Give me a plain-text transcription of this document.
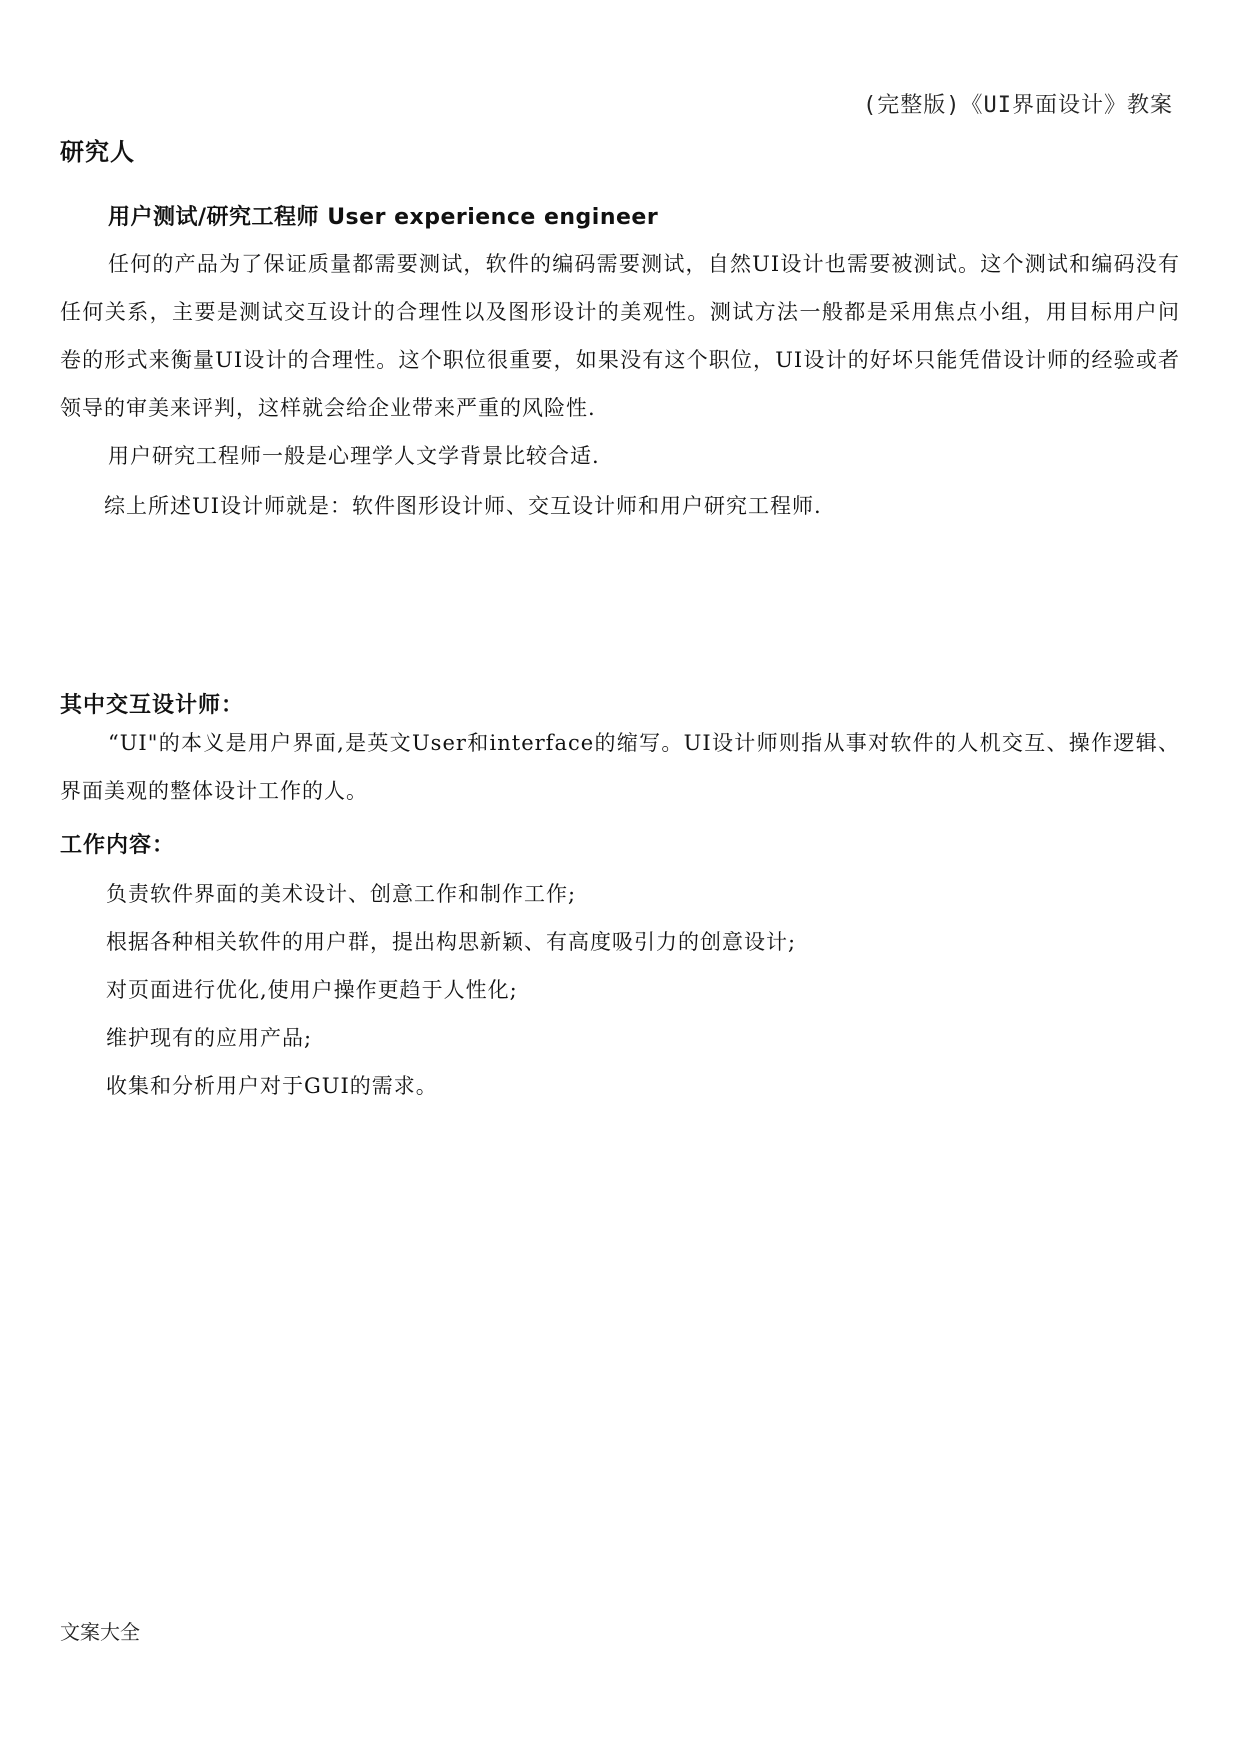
(完整版)《UI界面设计》教案
研究人
用户测试/研究工程师 User experience engineer
任何的产品为了保证质量都需要测试，软件的编码需要测试，自然UI设计也需要被测试。这个测试和编码没有任何关系，主要是测试交互设计的合理性以及图形设计的美观性。测试方法一般都是采用焦点小组，用目标用户问卷的形式来衡量UI设计的合理性。这个职位很重要，如果没有这个职位，UI设计的好坏只能凭借设计师的经验或者领导的审美来评判，这样就会给企业带来严重的风险性.
用户研究工程师一般是心理学人文学背景比较合适.
综上所述UI设计师就是：软件图形设计师、交互设计师和用户研究工程师.
其中交互设计师：
“UI"的本义是用户界面,是英文User和interface的缩写。UI设计师则指从事对软件的人机交互、操作逻辑、界面美观的整体设计工作的人。
工作内容：
负责软件界面的美术设计、创意工作和制作工作;
根据各种相关软件的用户群，提出构思新颖、有高度吸引力的创意设计;
对页面进行优化,使用户操作更趋于人性化;
维护现有的应用产品;
收集和分析用户对于GUI的需求。
文案大全
